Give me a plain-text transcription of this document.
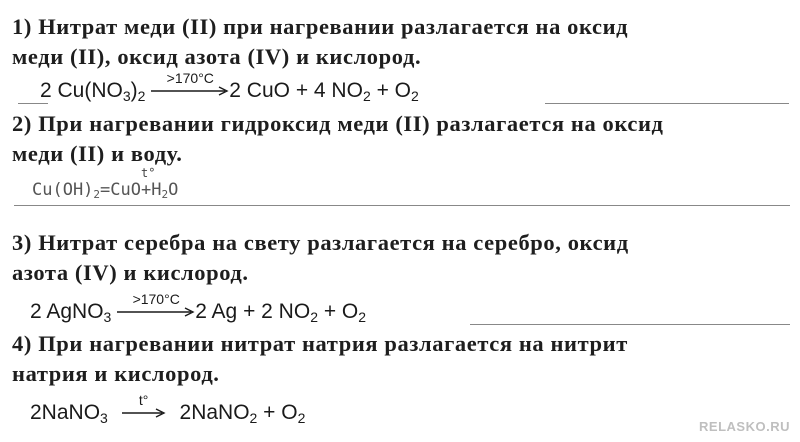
1) Нитрат меди (II) при нагревании разлагается на оксид
меди (II), оксид азота (IV) и кислород.
2 $Cu(NO_3)_2$
>170°C
2 CuO + 4 $NO_2 + O_2$
2) При нагревании гидроксид меди (II) разлагается на оксид
меди (II) и воду.
t°
$Cu(OH)_2=CuO+H_2O$
3) Нитрат серебра на свету разлагается на серебро, оксид
азота (IV) и кислород.
2 AgNO$_3$
>170°C
2 Ag + 2 $NO_2 + O_2$
4) При нагревании нитрат натрия разлагается на нитрит
натрия и кислород.
2NaNO$_3$
t°
2NaNO$_2$ + $O_2$
RELASKO.RU
